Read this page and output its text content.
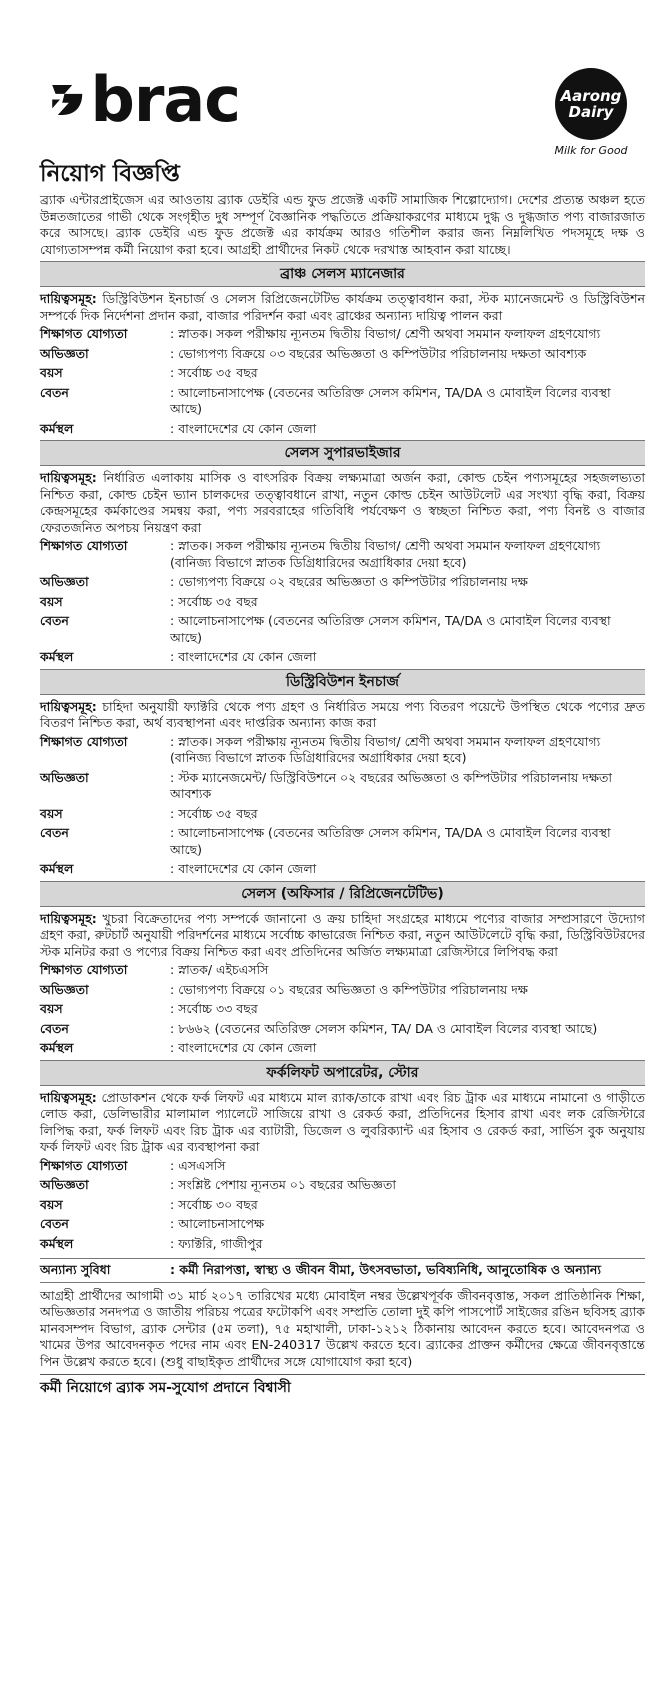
brac	Aarong
Dairy
Milk for Good
নিয়োগ বিজ্ঞপ্তি
ব্র্যাক এন্টারপ্রাইজেস এর আওতায় ব্র্যাক ডেইরি এন্ড ফুড প্রজেক্ট একটি সামাজিক শিল্পোদ্যোগ। দেশের প্রত্যন্ত অঞ্চল হতে উন্নতজাতের গাভী থেকে সংগৃহীত দুধ সম্পূর্ণ বৈজ্ঞানিক পদ্ধতিতে প্রক্রিয়াকরণের মাধ্যমে দুগ্ধ ও দুগ্ধজাত পণ্য বাজারজাত করে আসছে। ব্র্যাক ডেইরি এন্ড ফুড প্রজেক্ট এর কার্যক্রম আরও গতিশীল করার জন্য নিম্নলিখিত পদসমূহে দক্ষ ও যোগ্যতাসম্পন্ন কর্মী নিয়োগ করা হবে। আগ্রহী প্রার্থীদের নিকট থেকে দরখাস্ত আহবান করা যাচ্ছে।
ব্রাঞ্চ সেলস ম্যানেজার
দায়িত্বসমূহ: ডিস্ট্রিবিউশন ইনচার্জ ও সেলস রিপ্রিজেনটেটিভ কার্যক্রম তত্ত্বাবধান করা, স্টক ম্যানেজমেন্ট ও ডিস্ট্রিবিউশন সম্পর্কে দিক নির্দেশনা প্রদান করা, বাজার পরিদর্শন করা এবং ব্রাঞ্চের অন্যান্য দায়িত্ব পালন করা
শিক্ষাগত যোগ্যতা	: স্নাতক। সকল পরীক্ষায় ন্যূনতম দ্বিতীয় বিভাগ/ শ্রেণী অথবা সমমান ফলাফল গ্রহণযোগ্য
অভিজ্ঞতা	: ভোগ্যপণ্য বিক্রয়ে ০৩ বছরের অভিজ্ঞতা ও কম্পিউটার পরিচালনায় দক্ষতা আবশ্যক
বয়স	: সর্বোচ্চ ৩৫ বছর
বেতন	: আলোচনাসাপেক্ষ (বেতনের অতিরিক্ত সেলস কমিশন, TA/DA ও মোবাইল বিলের ব্যবস্থা আছে)
কর্মস্থল	: বাংলাদেশের যে কোন জেলা
সেলস সুপারভাইজার
দায়িত্বসমূহ: নির্ধারিত এলাকায় মাসিক ও বাৎসরিক বিক্রয় লক্ষ্যমাত্রা অর্জন করা, কোল্ড চেইন পণ্যসমূহের সহজলভ্যতা নিশ্চিত করা, কোল্ড চেইন ভ্যান চালকদের তত্ত্বাবধানে রাখা, নতুন কোল্ড চেইন আউটলেট এর সংখ্যা বৃদ্ধি করা, বিক্রয় কেন্দ্রসমূহের কর্মকাণ্ডের সমন্বয় করা, পণ্য সরবরাহের গতিবিধি পর্যবেক্ষণ ও স্বচ্ছতা নিশ্চিত করা, পণ্য বিনষ্ট ও বাজার ফেরতজনিত অপচয় নিয়ন্ত্রণ করা
শিক্ষাগত যোগ্যতা	: স্নাতক। সকল পরীক্ষায় ন্যূনতম দ্বিতীয় বিভাগ/ শ্রেণী অথবা সমমান ফলাফল গ্রহণযোগ্য (বানিজ্য বিভাগে স্নাতক ডিগ্রিধারিদের অগ্রাধিকার দেয়া হবে)
অভিজ্ঞতা	: ভোগ্যপণ্য বিক্রয়ে ০২ বছরের অভিজ্ঞতা ও কম্পিউটার পরিচালনায় দক্ষ
বয়স	: সর্বোচ্চ ৩৫ বছর
বেতন	: আলোচনাসাপেক্ষ (বেতনের অতিরিক্ত সেলস কমিশন, TA/DA ও মোবাইল বিলের ব্যবস্থা আছে)
কর্মস্থল	: বাংলাদেশের যে কোন জেলা
ডিস্ট্রিবিউশন ইনচার্জ
দায়িত্বসমূহ: চাহিদা অনুযায়ী ফ্যাক্টরি থেকে পণ্য গ্রহণ ও নির্ধারিত সময়ে পণ্য বিতরণ পয়েন্টে উপস্থিত থেকে পণ্যের দ্রুত বিতরণ নিশ্চিত করা, অর্থ ব্যবস্থাপনা এবং দাপ্তরিক অন্যান্য কাজ করা
শিক্ষাগত যোগ্যতা	: স্নাতক। সকল পরীক্ষায় ন্যূনতম দ্বিতীয় বিভাগ/ শ্রেণী অথবা সমমান ফলাফল গ্রহণযোগ্য (বানিজ্য বিভাগে স্নাতক ডিগ্রিধারিদের অগ্রাধিকার দেয়া হবে)
অভিজ্ঞতা	: স্টক ম্যানেজমেন্ট/ ডিস্ট্রিবিউশনে ০২ বছরের অভিজ্ঞতা ও কম্পিউটার পরিচালনায় দক্ষতা আবশ্যক
বয়স	: সর্বোচ্চ ৩৫ বছর
বেতন	: আলোচনাসাপেক্ষ (বেতনের অতিরিক্ত সেলস কমিশন, TA/DA ও মোবাইল বিলের ব্যবস্থা আছে)
কর্মস্থল	: বাংলাদেশের যে কোন জেলা
সেলস (অফিসার / রিপ্রিজেনটেটিভ)
দায়িত্বসমূহ: খুচরা বিক্রেতাদের পণ্য সম্পর্কে জানানো ও ক্রয় চাহিদা সংগ্রহের মাধ্যমে পণ্যের বাজার সম্প্রসারণে উদ্যোগ গ্রহণ করা, রুটচার্ট অনুযায়ী পরিদর্শনের মাধ্যমে সর্বোচ্চ কাভারেজ নিশ্চিত করা, নতুন আউটলেটে বৃদ্ধি করা, ডিস্ট্রিবিউটরদের স্টক মনিটর করা ও পণ্যের বিক্রয় নিশ্চিত করা এবং প্রতিদিনের অর্জিত লক্ষ্যমাত্রা রেজিস্টারে লিপিবদ্ধ করা
শিক্ষাগত যোগ্যতা	: স্নাতক/ এইচএসসি
অভিজ্ঞতা	: ভোগ্যপণ্য বিক্রয়ে ০১ বছরের অভিজ্ঞতা ও কম্পিউটার পরিচালনায় দক্ষ
বয়স	: সর্বোচ্চ ৩৩ বছর
বেতন	: ৮৬৬২ (বেতনের অতিরিক্ত সেলস কমিশন, TA/ DA ও মোবাইল বিলের ব্যবস্থা আছে)
কর্মস্থল	: বাংলাদেশের যে কোন জেলা
ফর্কলিফট অপারেটর, স্টোর
দায়িত্বসমূহ: প্রোডাকশন থেকে ফর্ক লিফট এর মাধ্যমে মাল র‍্যাক/তাকে রাখা এবং রিচ ট্রাক এর মাধ্যমে নামানো ও গাড়ীতে লোড করা, ডেলিভারীর মালামাল প্যালেটে সাজিয়ে রাখা ও রেকর্ড করা, প্রতিদিনের হিসাব রাখা এবং লক রেজিস্টারে লিপিদ্ধ করা, ফর্ক লিফট এবং রিচ ট্রাক এর ব্যাটারী, ডিজেল ও লুবরিক্যান্ট এর হিসাব ও রেকর্ড করা, সার্ভিস বুক অনুযায় ফর্ক লিফট এবং রিচ ট্রাক এর ব্যবস্থাপনা করা
শিক্ষাগত যোগ্যতা	: এসএসসি
অভিজ্ঞতা	: সংশ্লিষ্ট পেশায় ন্যূনতম ০১ বছরের অভিজ্ঞতা
বয়স	: সর্বোচ্চ ৩০ বছর
বেতন	: আলোচনাসাপেক্ষ
কর্মস্থল	: ফ্যাক্টরি, গাজীপুর
অন্যান্য সুবিধা	: কর্মী নিরাপত্তা, স্বাস্থ্য ও জীবন বীমা, উৎসবভাতা, ভবিষ্যনিধি, আনুতোষিক ও অন্যান্য
আগ্রহী প্রার্থীদের আগামী ৩১ মার্চ ২০১৭ তারিখের মধ্যে মোবাইল নম্বর উল্লেখপূর্বক জীবনবৃত্তান্ত, সকল প্রাতিষ্ঠানিক শিক্ষা, অভিজ্ঞতার সনদপত্র ও জাতীয় পরিচয় পত্রের ফটোকপি এবং সম্প্রতি তোলা দুই কপি পাসপোর্ট সাইজের রঙিন ছবিসহ ব্র্যাক মানবসম্পদ বিভাগ, ব্র্যাক সেন্টার (৫ম তলা), ৭৫ মহাখালী, ঢাকা-১২১২ ঠিকানায় আবেদন করতে হবে। আবেদনপত্র ও খামের উপর আবেদনকৃত পদের নাম এবং EN-240317 উল্লেখ করতে হবে। ব্র্যাকের প্রাক্তন কর্মীদের ক্ষেত্রে জীবনবৃত্তান্তে পিন উল্লেখ করতে হবে। (শুধু বাছাইকৃত প্রার্থীদের সঙ্গে যোগাযোগ করা হবে)
কর্মী নিয়োগে ব্র্যাক সম-সুযোগ প্রদানে বিশ্বাসী
